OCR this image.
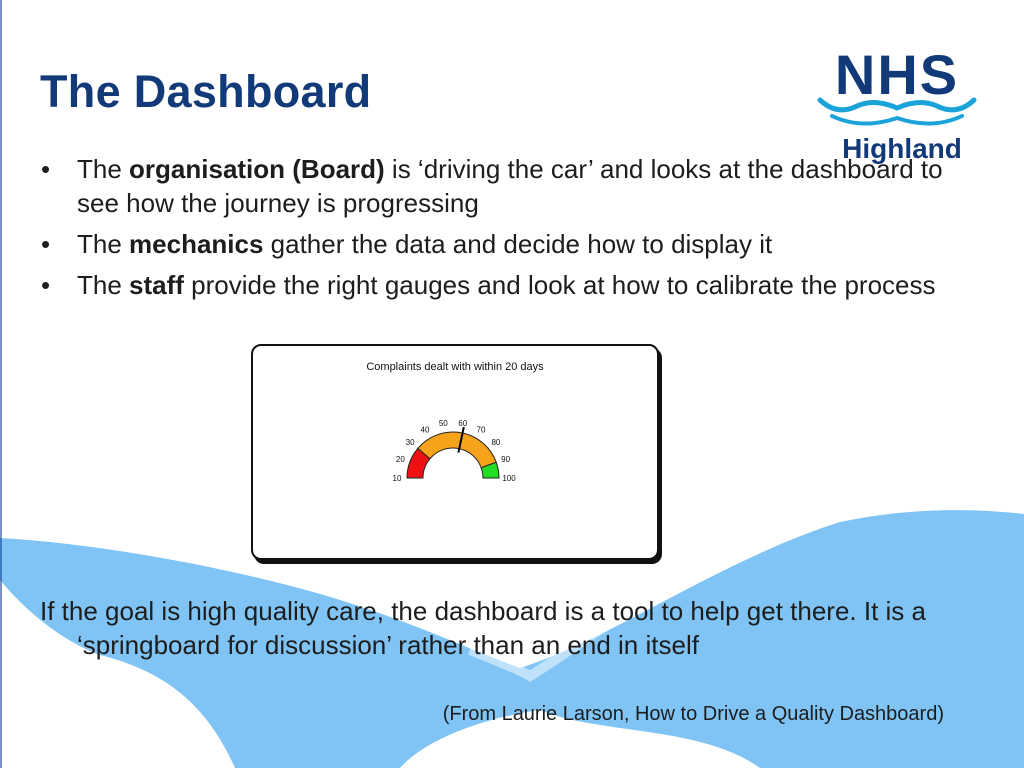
NHS
Highland
The Dashboard
• The organisation (Board) is ‘driving the car’ and looks at the dashboard to see how the journey is progressing
• The mechanics gather the data and decide how to display it
• The staff provide the right gauges and look at how to calibrate the process
Complaints dealt with within 20 days
10
20
30
40
50 60
70
80
90
100

If the goal is high quality care, the dashboard is a tool to help get there. It is a ‘springboard for discussion’ rather than an end in itself

(From Laurie Larson, How to Drive a Quality Dashboard)
